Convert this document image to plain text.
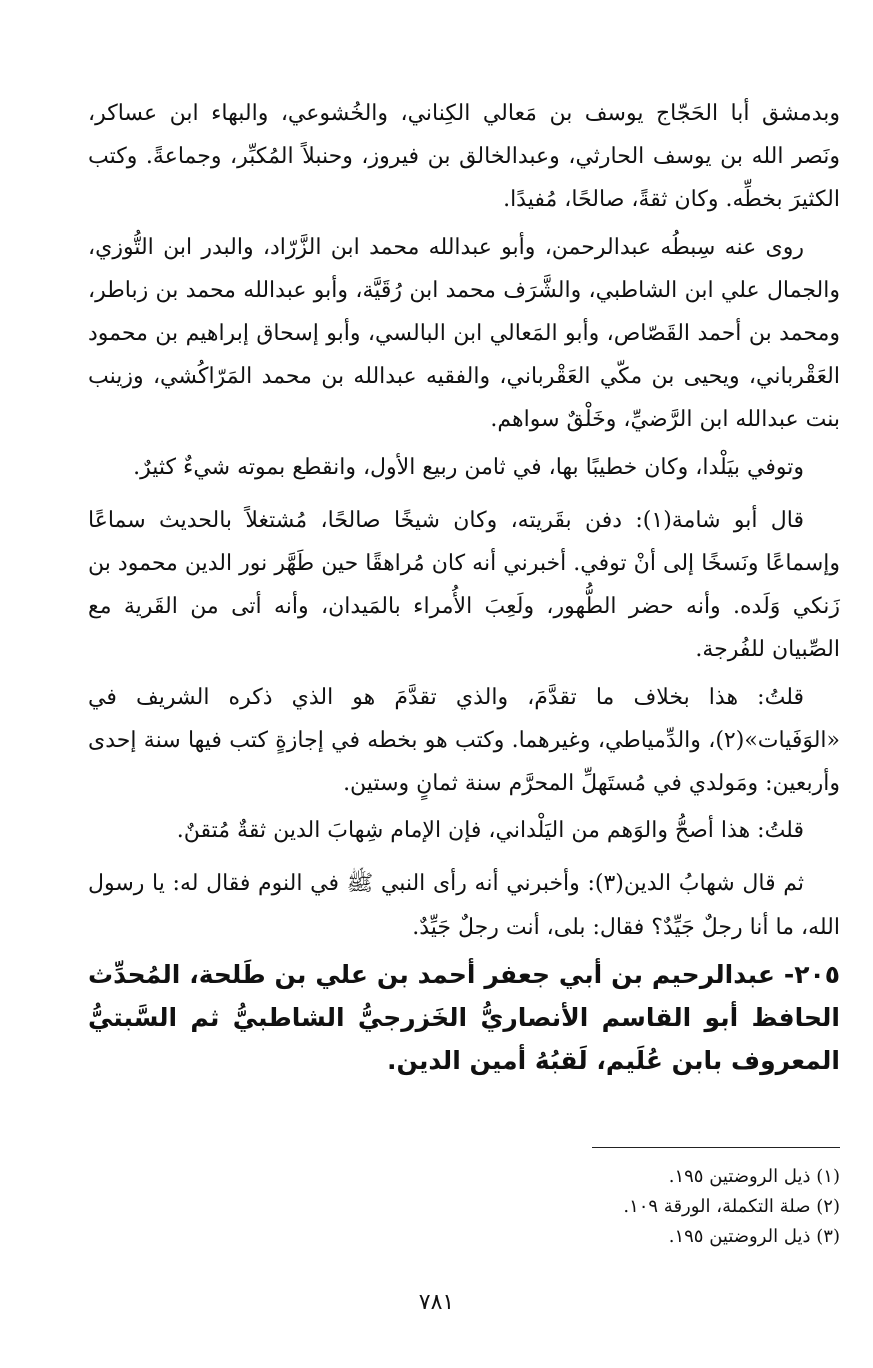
وبدمشق أبا الحَجّاج يوسف بن مَعالي الكِناني، والخُشوعي، والبهاء ابن عساكر، ونَصر الله بن يوسف الحارثي، وعبدالخالق بن فيروز، وحنبلاً المُكبِّر، وجماعةً. وكتب الكثيرَ بخطِّه. وكان ثقةً، صالحًا، مُفيدًا.

روى عنه سِبطُه عبدالرحمن، وأبو عبدالله محمد ابن الزَّرّاد، والبدر ابن التُّوزي، والجمال علي ابن الشاطبي، والشَّرَف محمد ابن رُقَيَّة، وأبو عبدالله محمد بن زباطر، ومحمد بن أحمد القَصّاص، وأبو المَعالي ابن البالسي، وأبو إسحاق إبراهيم بن محمود العَقْرباني، ويحيى بن مكّي العَقْرباني، والفقيه عبدالله بن محمد المَرّاكُشي، وزينب بنت عبدالله ابن الرَّضيِّ، وخَلْقٌ سواهم.

وتوفي بيَلْدا، وكان خطيبًا بها، في ثامن ربيع الأول، وانقطع بموته شيءٌ كثيرٌ.

قال أبو شامة(١): دفن بقَريته، وكان شيخًا صالحًا، مُشتغلاً بالحديث سماعًا وإسماعًا ونَسخًا إلى أنْ توفي. أخبرني أنه كان مُراهقًا حين طَهَّر نور الدين محمود بن زَنكي وَلَده. وأنه حضر الطُّهور، ولَعِبَ الأُمراء بالمَيدان، وأنه أتى من القَرية مع الصِّبيان للفُرجة.

قلتُ: هذا بخلاف ما تقدَّمَ، والذي تقدَّمَ هو الذي ذكره الشريف في «الوَفَيات»(٢)، والدِّمياطي، وغيرهما. وكتب هو بخطه في إجازةٍ كتب فيها سنة إحدى وأربعين: ومَولدي في مُستَهلِّ المحرَّم سنة ثمانٍ وستين.

قلتُ: هذا أصحُّ والوَهم من اليَلْداني، فإن الإمام شِهابَ الدين ثقةٌ مُتقنٌ.

ثم قال شهابُ الدين(٣): وأخبرني أنه رأى النبي ﷺ في النوم فقال له: يا رسول الله، ما أنا رجلٌ جَيِّدٌ؟ فقال: بلى، أنت رجلٌ جَيِّدٌ.

٢٠٥- عبدالرحيم بن أبي جعفر أحمد بن علي بن طَلحة، المُحدِّث الحافظ أبو القاسم الأنصاريُّ الخَزرجيُّ الشاطبيُّ ثم السَّبتيُّ المعروف بابن عُلَيم، لَقبُهُ أمين الدين.

(١) ذيل الروضتين ١٩٥.

(٢) صلة التكملة، الورقة ١٠٩.

(٣) ذيل الروضتين ١٩٥.

٧٨١
